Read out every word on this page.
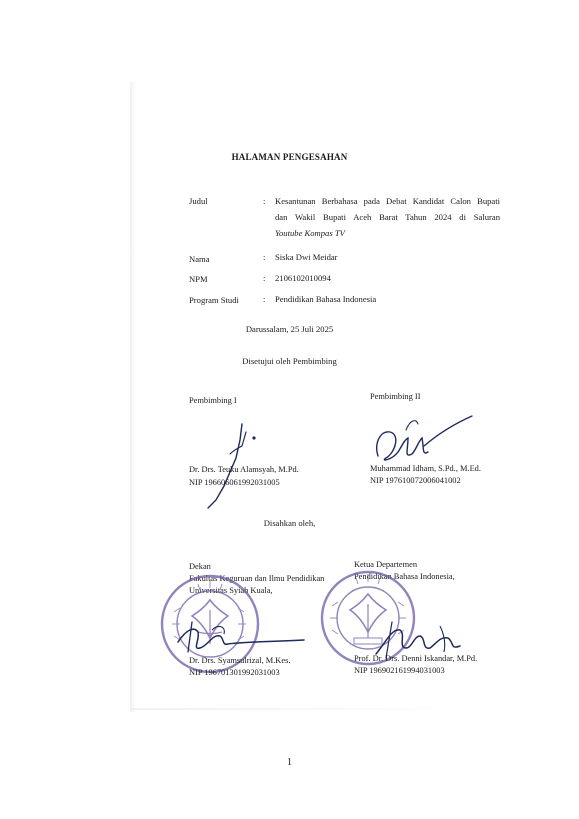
HALAMAN PENGESAHAN
Judul	: Kesantunan Berbahasa pada Debat Kandidat Calon Bupati
dan Wakil Bupati Aceh Barat Tahun 2024 di Saluran
Youtube Kompas TV
Nama	: Siska Dwi Meidar
NPM	: 2106102010094
Program Studi	: Pendidikan Bahasa Indonesia
Darussalam, 25 Juli 2025
Disetujui oleh Pembimbing
Pembimbing I	Pembimbing II
Dr. Drs. Teuku Alamsyah, M.Pd.
NIP 196606061992031005
Muhammad Idham, S.Pd., M.Ed.
NIP 197610072006041002
Disahkan oleh,
Dekan
Fakultas Keguruan dan Ilmu Pendidikan
Universitas Syiah Kuala,
Ketua Departemen
Pendidikan Bahasa Indonesia,
Dr. Drs. Syamsulrizal, M.Kes.
NIP 196701301992031003
Prof. Dr. Drs. Denni Iskandar, M.Pd.
NIP 196902161994031003
1
